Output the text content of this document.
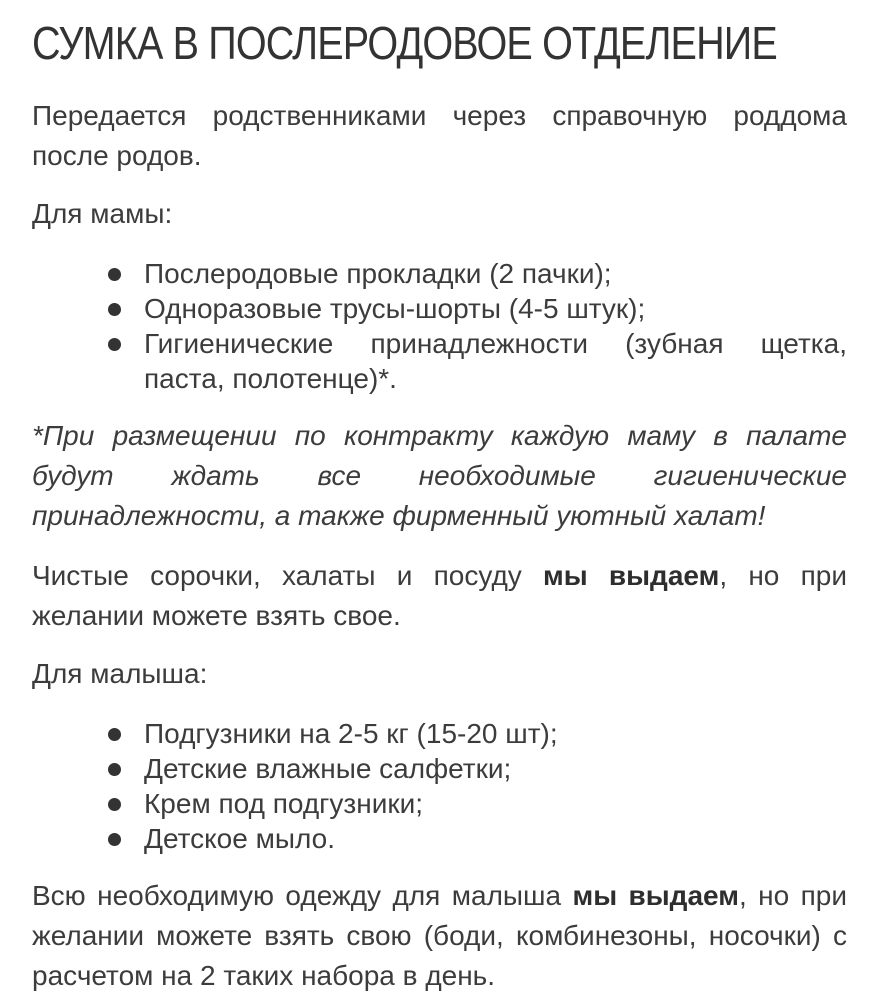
СУМКА В ПОСЛЕРОДОВОЕ ОТДЕЛЕНИЕ

Передается родственниками через справочную роддома после родов.

Для мамы:

Послеродовые прокладки (2 пачки);
Одноразовые трусы-шорты (4-5 штук);
Гигиенические принадлежности (зубная щетка, паста, полотенце)*.

*При размещении по контракту каждую маму в палате будут ждать все необходимые гигиенические принадлежности, а также фирменный уютный халат!

Чистые сорочки, халаты и посуду мы выдаем, но при желании можете взять свое.

Для малыша:

Подгузники на 2-5 кг (15-20 шт);
Детские влажные салфетки;
Крем под подгузники;
Детское мыло.

Всю необходимую одежду для малыша мы выдаем, но при желании можете взять свою (боди, комбинезоны, носочки) с расчетом на 2 таких набора в день.
